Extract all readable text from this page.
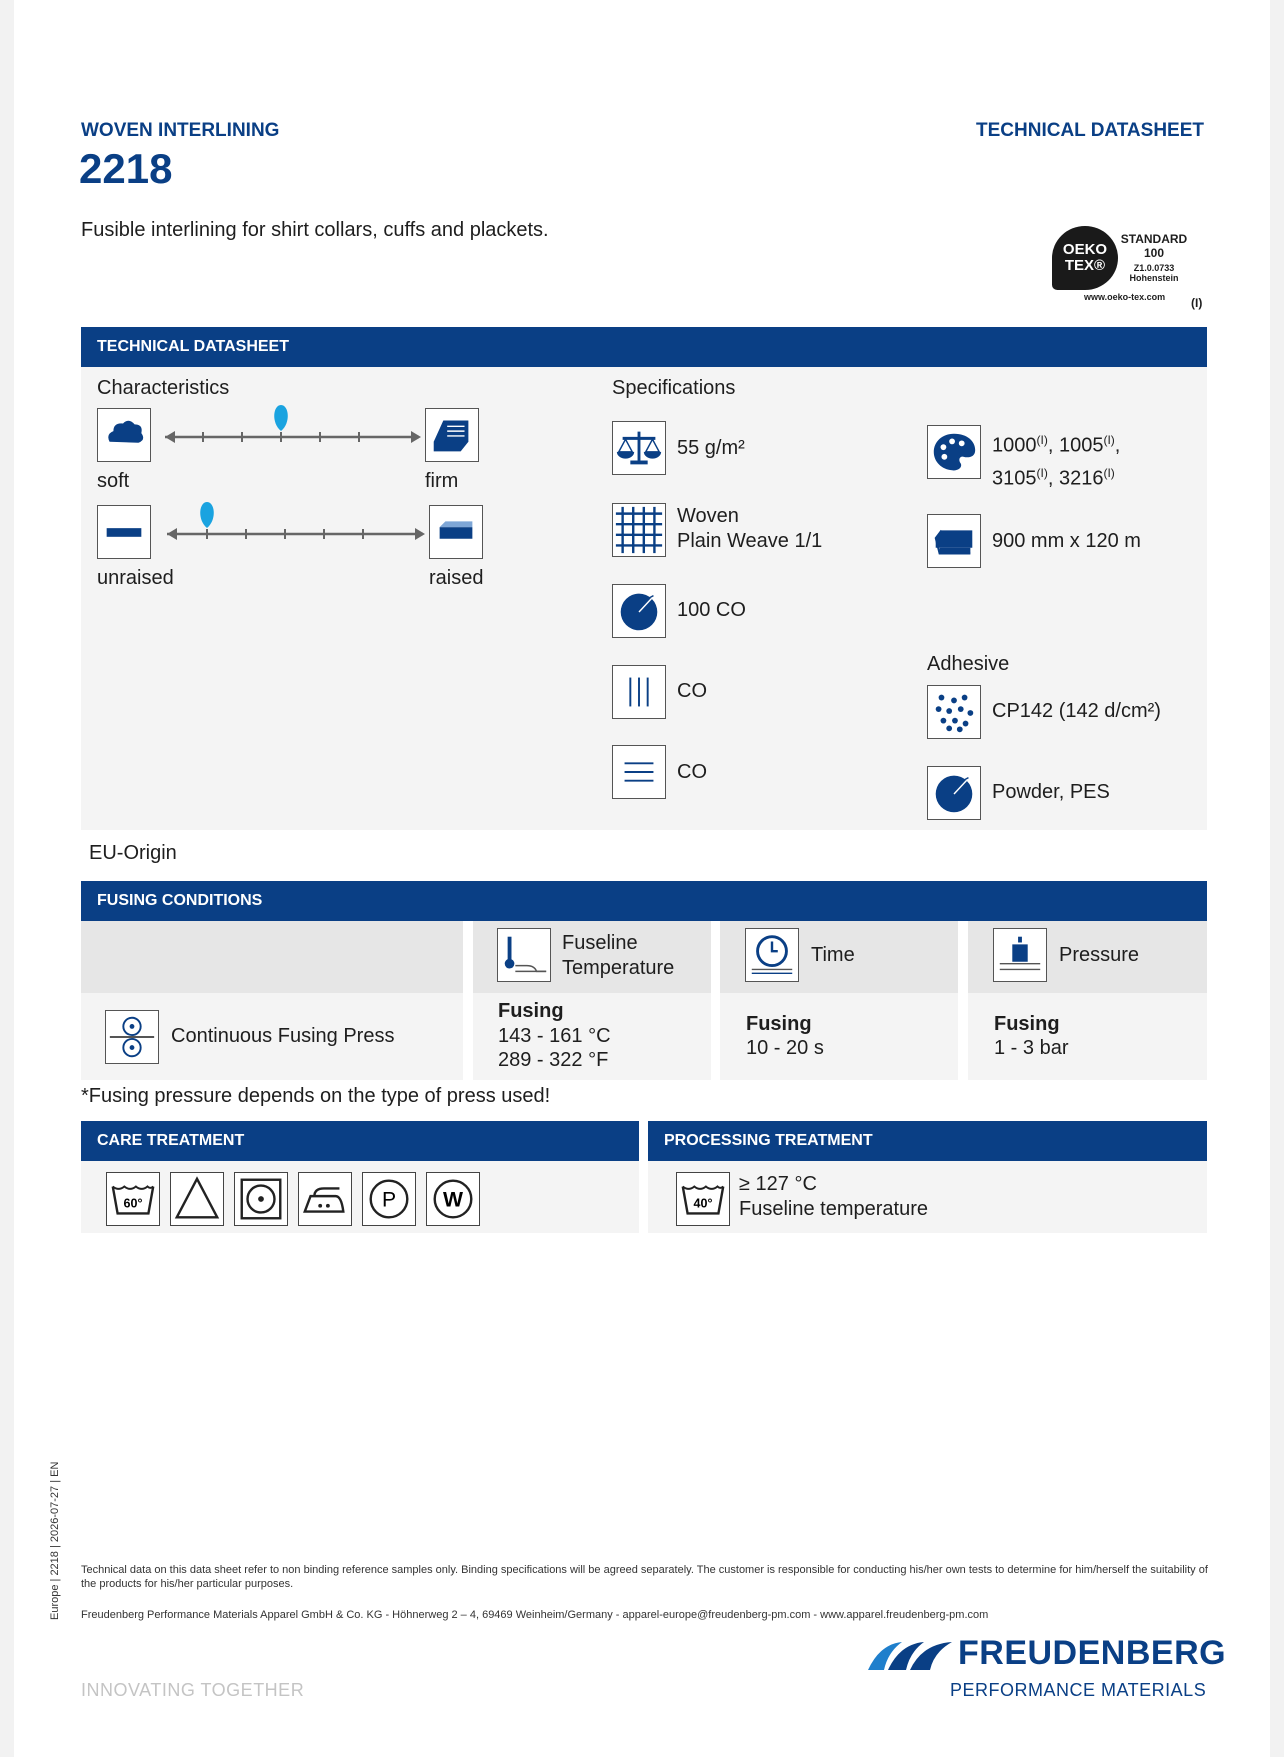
WOVEN INTERLINING
2218
TECHNICAL DATASHEET
Fusible interlining for shirt collars, cuffs and plackets.
OEKO
TEX®
STANDARD
100
Z1.0.0733
Hohenstein
www.oeko-tex.com (I)
TECHNICAL DATASHEET
Characteristics
soft	firm
unraised	raised
Specifications
55 g/m²
Woven
Plain Weave 1/1
100 CO
CO
CO
$1000^{(I)}$, $1005^{(I)}$,
$3105^{(I)}$, $3216^{(I)}$
900 mm x 120 m
Adhesive
CP142 (142 d/cm²)
Powder, PES
EU-Origin
FUSING CONDITIONS
Fuseline
Temperature
Time	Pressure
Continuous Fusing Press
Fusing
143 - 161 °C
289 - 322 °F
Fusing
10 - 20 s
Fusing
1 - 3 bar
*Fusing pressure depends on the type of press used!
CARE TREATMENT	PROCESSING TREATMENT
60°	P W	40°
≥ 127 °C
Fuseline temperature
Europe | 2218 | 2026-07-27 | EN Technical data on this data sheet refer to non binding reference samples only. Binding specifications will be agreed separately. The customer is responsible for conducting his/her own tests to determine for him/herself the suitability of the products for his/her particular purposes.
Freudenberg Performance Materials Apparel GmbH & Co. KG - Höhnerweg 2 – 4, 69469 Weinheim/Germany - apparel-europe@freudenberg-pm.com - www.apparel.freudenberg-pm.com
INNOVATING TOGETHER
FREUDENBERG
PERFORMANCE MATERIALS
